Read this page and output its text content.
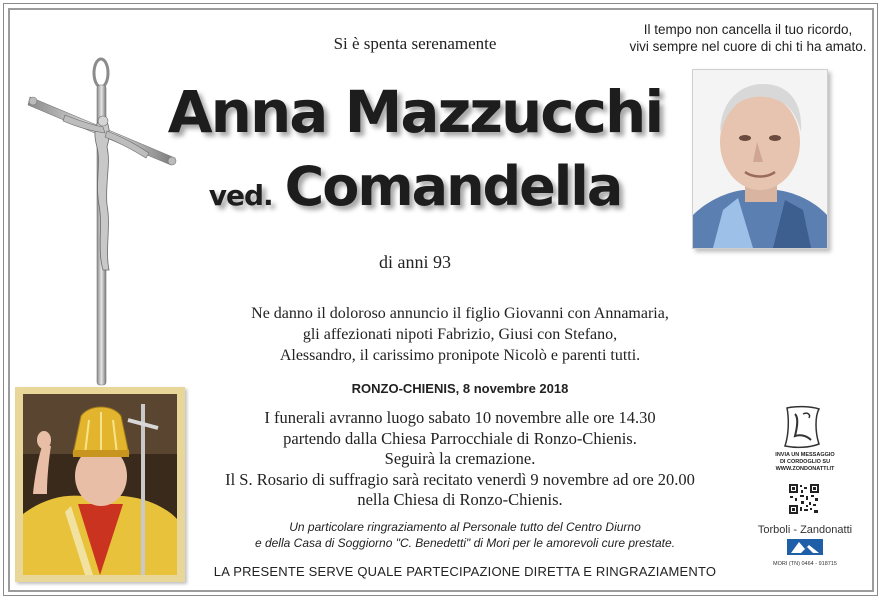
Si è spenta serenamente
Il tempo non cancella il tuo ricordo,
vivi sempre nel cuore di chi ti ha amato.
Anna Mazzucchi
ved. Comandella
di anni 93
Ne danno il doloroso annuncio il figlio Giovanni con Annamaria,
gli affezionati nipoti Fabrizio, Giusi con Stefano,
Alessandro, il carissimo pronipote Nicolò e parenti tutti.
RONZO-CHIENIS, 8 novembre 2018
I funerali avranno luogo sabato 10 novembre alle ore 14.30
partendo dalla Chiesa Parrocchiale di Ronzo-Chienis.
Seguirà la cremazione.
Il S. Rosario di suffragio sarà recitato venerdì 9 novembre ad ore 20.00
nella Chiesa di Ronzo-Chienis.
Un particolare ringraziamento al Personale tutto del Centro Diurno
e della Casa di Soggiorno "C. Benedetti" di Mori per le amorevoli cure prestate.
LA PRESENTE SERVE QUALE PARTECIPAZIONE DIRETTA E RINGRAZIAMENTO
INVIA UN MESSAGGIO
DI CORDOGLIO SU
WWW.ZONDONATTI.IT
Torboli - Zandonatti
MORI (TN) 0464 - 918715
